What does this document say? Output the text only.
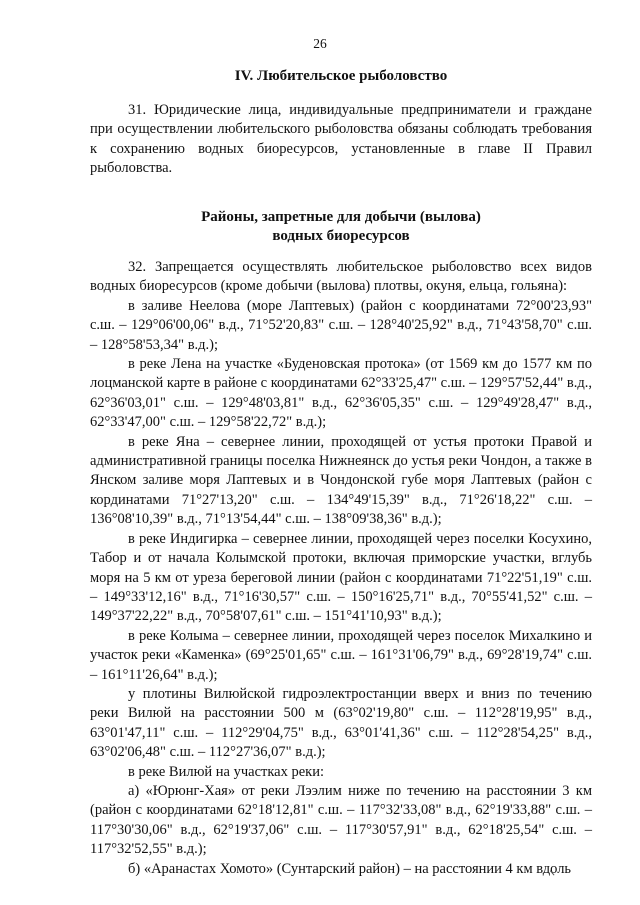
26
IV. Любительское рыболовство

31. Юридические лица, индивидуальные предприниматели и граждане при осуществлении любительского рыболовства обязаны соблюдать требования к сохранению водных биоресурсов, установленные в главе II Правил рыболовства.

Районы, запретные для добычи (вылова)
водных биоресурсов

32. Запрещается осуществлять любительское рыболовство всех видов водных биоресурсов (кроме добычи (вылова) плотвы, окуня, ельца, гольяна):

в заливе Неелова (море Лаптевых) (район с координатами 72°00'23,93" с.ш. – 129°06'00,06" в.д., 71°52'20,83" с.ш. – 128°40'25,92" в.д., 71°43'58,70" с.ш. – 128°58'53,34" в.д.);

в реке Лена на участке «Буденовская протока» (от 1569 км до 1577 км по лоцманской карте в районе с координатами 62°33'25,47" с.ш. – 129°57'52,44" в.д., 62°36'03,01" с.ш. – 129°48'03,81" в.д., 62°36'05,35" с.ш. – 129°49'28,47" в.д., 62°33'47,00" с.ш. – 129°58'22,72" в.д.);

в реке Яна – севернее линии, проходящей от устья протоки Правой и административной границы поселка Нижнеянск до устья реки Чондон, а также в Янском заливе моря Лаптевых и в Чондонской губе моря Лаптевых (район с кординатами 71°27'13,20" с.ш. – 134°49'15,39" в.д., 71°26'18,22" с.ш. – 136°08'10,39" в.д., 71°13'54,44" с.ш. – 138°09'38,36" в.д.);

в реке Индигирка – севернее линии, проходящей через поселки Косухино, Табор и от начала Колымской протоки, включая приморские участки, вглубь моря на 5 км от уреза береговой линии (район с координатами 71°22'51,19" с.ш. – 149°33'12,16" в.д., 71°16'30,57" с.ш. – 150°16'25,71" в.д., 70°55'41,52" с.ш. – 149°37'22,22" в.д., 70°58'07,61" с.ш. – 151°41'10,93" в.д.);

в реке Колыма – севернее линии, проходящей через поселок Михалкино и участок реки «Каменка» (69°25'01,65" с.ш. – 161°31'06,79" в.д., 69°28'19,74" с.ш. – 161°11'26,64" в.д.);

у плотины Вилюйской гидроэлектростанции вверх и вниз по течению реки Вилюй на расстоянии 500 м (63°02'19,80" с.ш. – 112°28'19,95" в.д., 63°01'47,11" с.ш. – 112°29'04,75" в.д., 63°01'41,36" с.ш. – 112°28'54,25" в.д., 63°02'06,48" с.ш. – 112°27'36,07" в.д.);

в реке Вилюй на участках реки:

а) «Юрюнг-Хая» от реки Лээлим ниже по течению на расстоянии 3 км (район с координатами 62°18'12,81" с.ш. – 117°32'33,08" в.д., 62°19'33,88" с.ш. – 117°30'30,06" в.д., 62°19'37,06" с.ш. – 117°30'57,91" в.д., 62°18'25,54" с.ш. – 117°32'52,55" в.д.);

б) «Аранастах Хомото» (Сунтарский район) – на расстоянии 4 км вдоль
